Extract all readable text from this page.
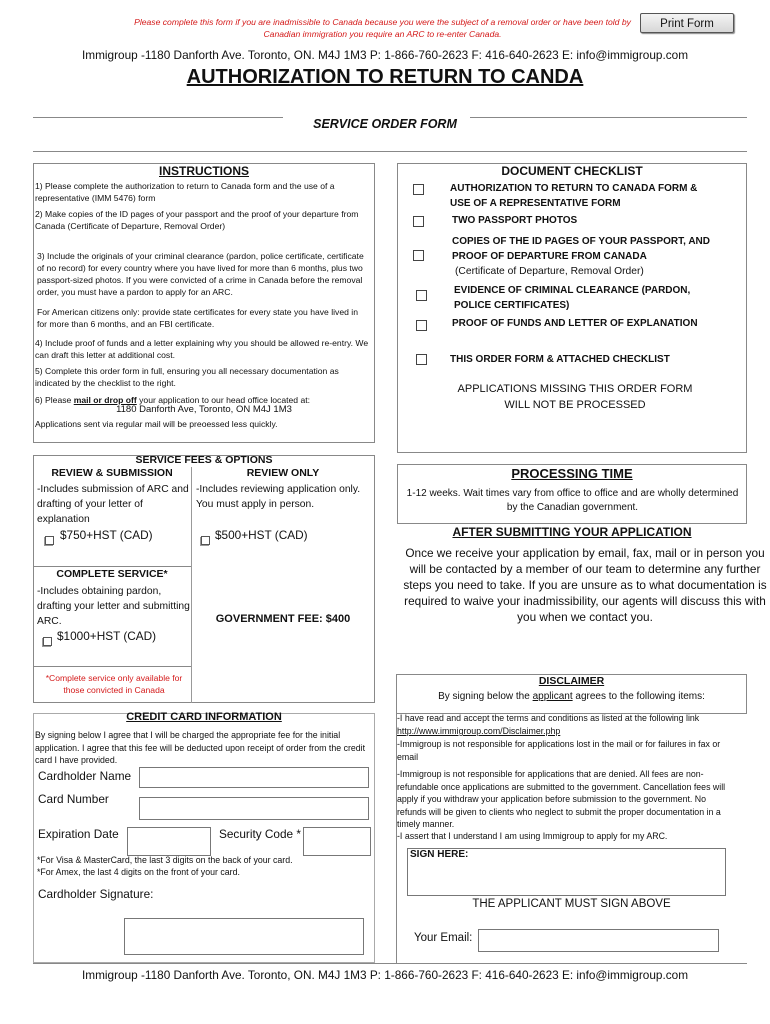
Please complete this form if you are inadmissible to Canada because you were the subject of a removal order or have been told by Canadian immigration you require an ARC to re-enter Canada.
Print Form
Immigroup -1180 Danforth Ave. Toronto, ON. M4J 1M3 P: 1-866-760-2623 F: 416-640-2623 E: info@immigroup.com
AUTHORIZATION TO RETURN TO CANDA
SERVICE ORDER FORM
INSTRUCTIONS
1) Please complete the authorization to return to Canada form and the use of a representative (IMM 5476) form
2) Make copies of the ID pages of your passport and the proof of your departure from Canada (Certificate of Departure, Removal Order)
3) Include the originals of your criminal clearance (pardon, police certificate, certificate of no record) for every country where you have lived for more than 6 months, plus two passport-sized photos. If you were convicted of a crime in Canada before the removal order, you must have a pardon to apply for an ARC.
For American citizens only: provide state certificates for every state you have lived in for more than 6 months, and an FBI certificate.
4) Include proof of funds and a letter explaining why you should be allowed re-entry. We can draft this letter at additional cost.
5) Complete this order form in full, ensuring you all necessary documentation as indicated by the checklist to the right.
6) Please mail or drop off your application to our head office located at:
1180 Danforth Ave, Toronto, ON M4J 1M3
Applications sent via regular mail will be preoessed less quickly.
DOCUMENT CHECKLIST
AUTHORIZATION TO RETURN TO CANADA FORM & USE OF A REPRESENTATIVE FORM
TWO PASSPORT PHOTOS
COPIES OF THE ID PAGES OF YOUR PASSPORT, AND PROOF OF DEPARTURE FROM CANADA
(Certificate of Departure, Removal Order)
EVIDENCE OF CRIMINAL CLEARANCE (PARDON, POLICE CERTIFICATES)
PROOF OF FUNDS AND LETTER OF EXPLANATION
THIS ORDER FORM & ATTACHED CHECKLIST
APPLICATIONS MISSING THIS ORDER FORM WILL NOT BE PROCESSED
SERVICE FEES & OPTIONS
REVIEW & SUBMISSION
-Includes submission of ARC and drafting of your letter of explanation
$750+HST (CAD)
REVIEW ONLY
-Includes reviewing application only. You must apply in person.
$500+HST (CAD)
COMPLETE SERVICE*
-Includes obtaining pardon, drafting your letter and submitting ARC.
$1000+HST (CAD)
GOVERNMENT FEE: $400
*Complete service only available for those convicted in Canada
PROCESSING TIME
1-12 weeks. Wait times vary from office to office and are wholly determined by the Canadian government.
AFTER SUBMITTING YOUR APPLICATION
Once we receive your application by email, fax, mail or in person you will be contacted by a member of our team to determine any further steps you need to take. If you are unsure as to what documentation is required to waive your inadmissibility, our agents will discuss this with you when we contact you.
DISCLAIMER
By signing below the applicant agrees to the following items:
-I have read and accept the terms and conditions as listed at the following link
http://www.immigroup.com/Disclaimer.php
-Immigroup is not responsible for applications lost in the mail or for failures in fax or email
-Immigroup is not responsible for applications that are denied. All fees are non-refundable once applications are submitted to the government. Cancellation fees will apply if you withdraw your application before submission to the government. No refunds will be given to clients who neglect to submit the proper documentation in a timely manner.
-I assert that I understand I am using Immigroup to apply for my ARC.
SIGN HERE:
THE APPLICANT MUST SIGN ABOVE
Your Email:
CREDIT CARD INFORMATION
By signing below I agree that I will be charged the appropriate fee for the initial application. I agree that this fee will be deducted upon receipt of order from the credit card I have provided.
Cardholder Name
Card Number
Expiration Date	Security Code *
*For Visa & MasterCard, the last 3 digits on the back of your card.
*For Amex, the last 4 digits on the front of your card.
Cardholder Signature:
Immigroup -1180 Danforth Ave. Toronto, ON. M4J 1M3 P: 1-866-760-2623 F: 416-640-2623 E: info@immigroup.com
